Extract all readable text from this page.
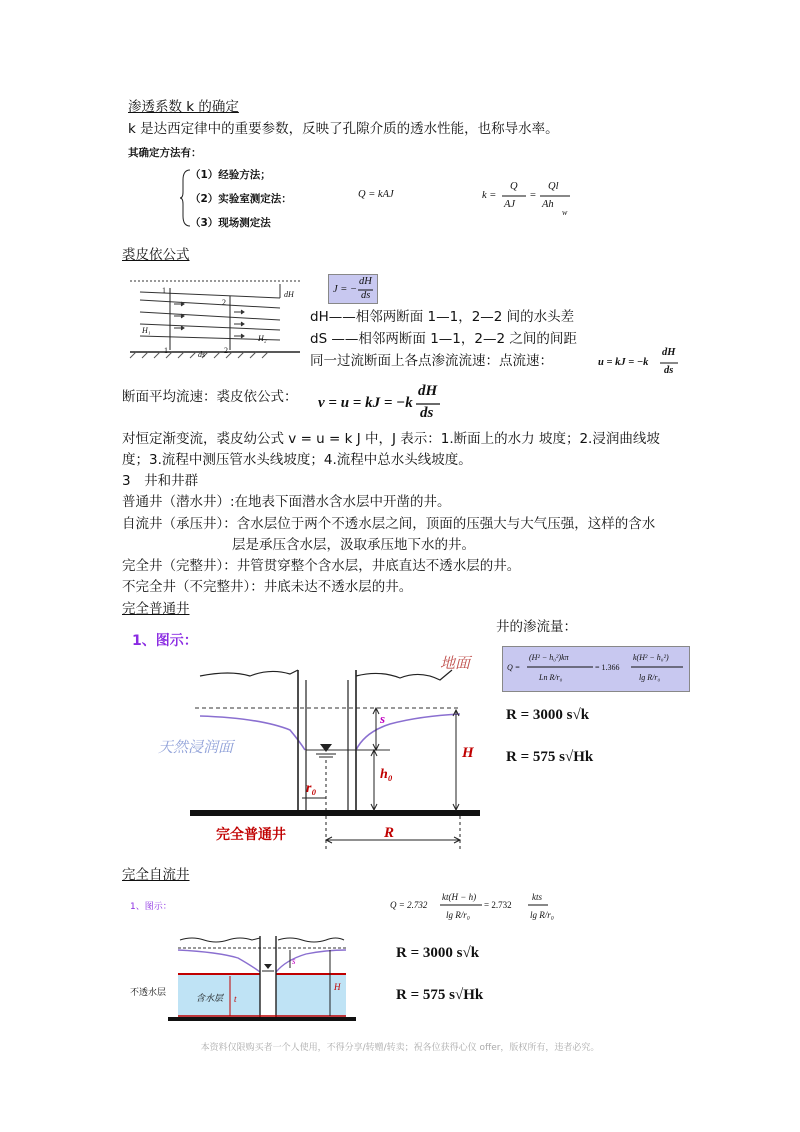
渗透系数 k 的确定
k 是达西定律中的重要参数，反映了孔隙介质的透水性能，也称导水率。
其确定方法有：
（1）经验方法；
（2）实验室测定法：
（3）现场测定法
Q = kAJ	k =
Q
AJ
=
Ql
Ah
w
裘皮依公式
1
2
1	2
H₁
H₂
dH
ds
J = −
dH
ds
dH——相邻两断面 1—1，2—2 间的水头差
dS ——相邻两断面 1—1，2—2 之间的间距
同一过流断面上各点渗流流速：点流速：	u = kJ = −k
dH
ds
断面平均流速：裘皮依公式： v = u = kJ = −k
dH
ds
对恒定渐变流，裘皮幼公式 v = u = k J 中，J 表示：1.断面上的水力 坡度；2.浸润曲线坡
度；3.流程中测压管水头线坡度；4.流程中总水头线坡度。
3　井和井群
普通井（潜水井）:在地表下面潜水含水层中开凿的井。
自流井（承压井）：含水层位于两个不透水层之间，顶面的压强大与大气压强，这样的含水
层是承压含水层，汲取承压地下水的井。
完全井（完整井）：井管贯穿整个含水层，井底直达不透水层的井。
不完全井（不完整井）：井底未达不透水层的井。
完全普通井
1、图示：
井的渗流量：
地面
天然浸润面
s
H
h₀
r₀
R
完全普通井
Q =
(H² − h₀²)kπ
Ln R/r₀
= 1.366
k(H² − h₀²)
lg R/r₀
R = 3000 s√k
R = 575 s√Hk
完全自流井
1、图示：	Q = 2.732
kt(H − h)
lg R/r₀
= 2.732
kts
lg R/r₀
不透水层
含水层 t
H
s	R = 3000 s√k
R = 575 s√Hk
本资料仅限购买者一个人使用，不得分享/转赠/转卖；祝各位获得心仪 offer，版权所有，违者必究。
